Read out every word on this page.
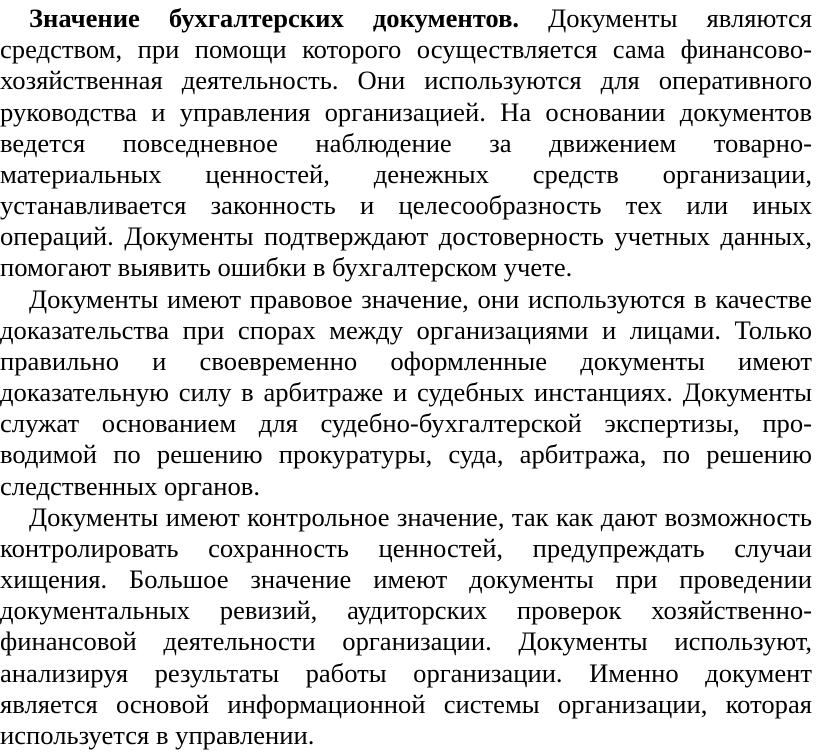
Значение бухгалтерских документов. Документы являются
средством, при помощи которого осуществляется сама финансово-
хозяйственная деятельность. Они используются для оперативного
руководства и управления организацией. На основании документов
ведется повседневное наблюдение за движением товарно-
материальных ценностей, денежных средств организации,
устанавливается законность и целесообразность тех или иных
операций. Документы подтверждают достоверность учетных данных,
помогают выявить ошибки в бухгалтерском учете.
Документы имеют правовое значение, они используются в качестве
доказательства при спорах между организациями и лицами. Только
правильно и своевременно оформленные документы имеют
доказательную силу в арбитраже и судебных инстанциях. Документы
служат основанием для судебно-бухгалтерской экспертизы, про-
водимой по решению прокуратуры, суда, арбитража, по решению
следственных органов.
Документы имеют контрольное значение, так как дают возможность
контролировать сохранность ценностей, предупреждать случаи
хищения. Большое значение имеют документы при проведении
документальных ревизий, аудиторских проверок хозяйственно-
финансовой деятельности организации. Документы используют,
анализируя результаты работы организации. Именно документ
является основой информационной системы организации, которая
используется в управлении.
